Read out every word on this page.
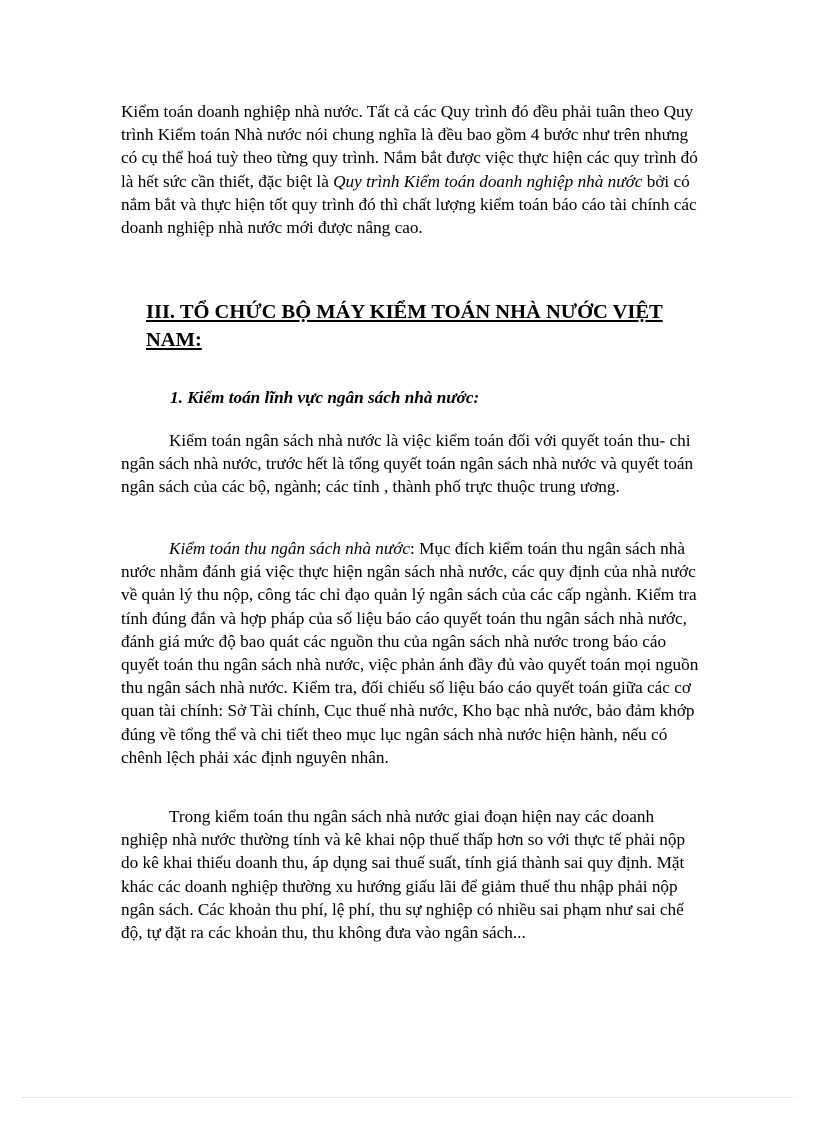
Kiểm toán doanh nghiệp nhà nước. Tất cả các Quy trình đó đều phải tuân theo Quy trình Kiểm toán Nhà nước nói chung nghĩa là đều bao gồm 4 bước như trên nhưng có cụ thể hoá tuỳ theo từng quy trình. Nắm bắt được việc thực hiện các quy trình đó là hết sức cần thiết, đặc biệt là Quy trình Kiểm toán doanh nghiệp nhà nước bởi có nắm bắt và thực hiện tốt quy trình đó thì chất lượng kiểm toán báo cáo tài chính các doanh nghiệp nhà nước mới được nâng cao.

III. TỔ CHỨC BỘ MÁY KIỂM TOÁN NHÀ NƯỚC VIỆT NAM:
1. Kiểm toán lĩnh vực ngân sách nhà nước:

Kiểm toán ngân sách nhà nước là việc kiểm toán đối với quyết toán thu- chi ngân sách nhà nước, trước hết là tổng quyết toán ngân sách nhà nước và quyết toán ngân sách của các bộ, ngành; các tỉnh , thành phố trực thuộc trung ương.

Kiểm toán thu ngân sách nhà nước: Mục đích kiểm toán thu ngân sách nhà nước nhằm đánh giá việc thực hiện ngân sách nhà nước, các quy định của nhà nước về quản lý thu nộp, công tác chỉ đạo quản lý ngân sách của các cấp ngành. Kiểm tra tính đúng đắn và hợp pháp của số liệu báo cáo quyết toán thu ngân sách nhà nước, đánh giá mức độ bao quát các nguồn thu của ngân sách nhà nước trong báo cáo quyết toán thu ngân sách nhà nước, việc phản ánh đầy đủ vào quyết toán mọi nguồn thu ngân sách nhà nước. Kiểm tra, đối chiếu số liệu báo cáo quyết toán giữa các cơ quan tài chính: Sở Tài chính, Cục thuế nhà nước, Kho bạc nhà nước, bảo đảm khớp đúng về tổng thể và chi tiết theo mục lục ngân sách nhà nước hiện hành, nếu có chênh lệch phải xác định nguyên nhân.

Trong kiểm toán thu ngân sách nhà nước giai đoạn hiện nay các doanh nghiệp nhà nước thường tính và kê khai nộp thuế thấp hơn so với thực tế phải nộp do kê khai thiếu doanh thu, áp dụng sai thuế suất, tính giá thành sai quy định. Mặt khác các doanh nghiệp thường xu hướng giấu lãi để giảm thuế thu nhập phải nộp ngân sách. Các khoản thu phí, lệ phí, thu sự nghiệp có nhiều sai phạm như sai chế độ, tự đặt ra các khoản thu, thu không đưa vào ngân sách...
